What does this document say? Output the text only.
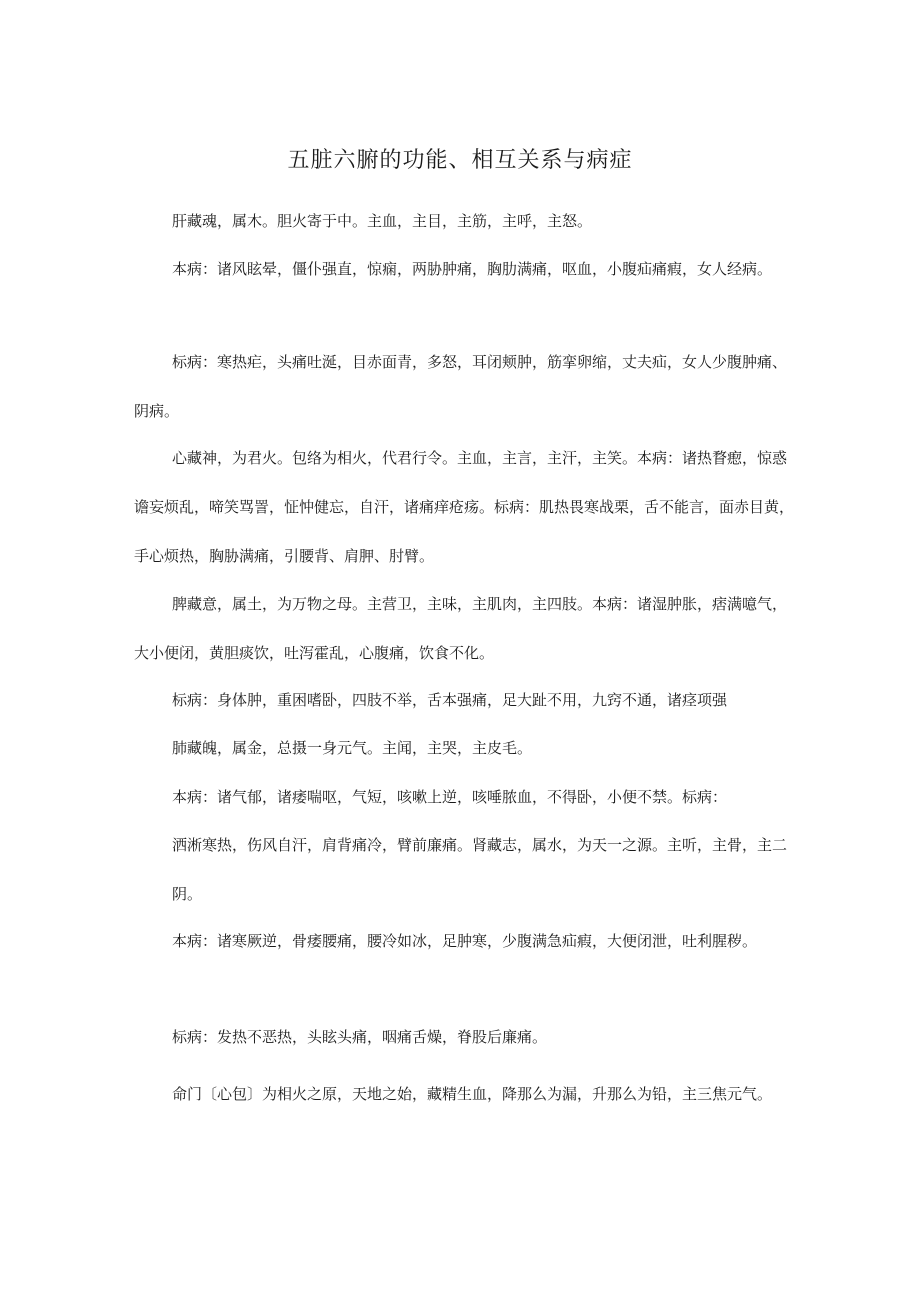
五脏六腑的功能、相互关系与病症

肝藏魂，属木。胆火寄于中。主血，主目，主筋，主呼，主怒。

本病：诸风眩晕，僵仆强直，惊痫，两胁肿痛，胸肋满痛，呕血，小腹疝痛瘕，女人经病。

标病：寒热疟，头痛吐涎，目赤面青，多怒，耳闭颊肿，筋挛卵缩，丈夫疝，女人少腹肿痛、阴病。

心藏神，为君火。包络为相火，代君行令。主血，主言，主汗，主笑。本病：诸热瞀瘛，惊惑谵妄烦乱，啼笑骂詈，怔忡健忘，自汗，诸痛痒疮疡。标病：肌热畏寒战栗，舌不能言，面赤目黄，手心烦热，胸胁满痛，引腰背、肩胛、肘臂。

脾藏意，属土，为万物之母。主营卫，主味，主肌肉，主四肢。本病：诸湿肿胀，痞满噫气，大小便闭，黄胆痰饮，吐泻霍乱，心腹痛，饮食不化。

标病：身体肿，重困嗜卧，四肢不举，舌本强痛，足大趾不用，九窍不通，诸痉项强

肺藏魄，属金，总摄一身元气。主闻，主哭，主皮毛。

本病：诸气郁，诸痿喘呕，气短，咳嗽上逆，咳唾脓血，不得卧，小便不禁。标病：

洒淅寒热，伤风自汗，肩背痛冷，臂前廉痛。肾藏志，属水，为天一之源。主听，主骨，主二阴。

本病：诸寒厥逆，骨痿腰痛，腰冷如冰，足肿寒，少腹满急疝瘕，大便闭泄，吐利腥秽。

标病：发热不恶热，头眩头痛，咽痛舌燥，脊股后廉痛。

命门〔心包〕为相火之原，天地之始，藏精生血，降那么为漏，升那么为铅，主三焦元气。
